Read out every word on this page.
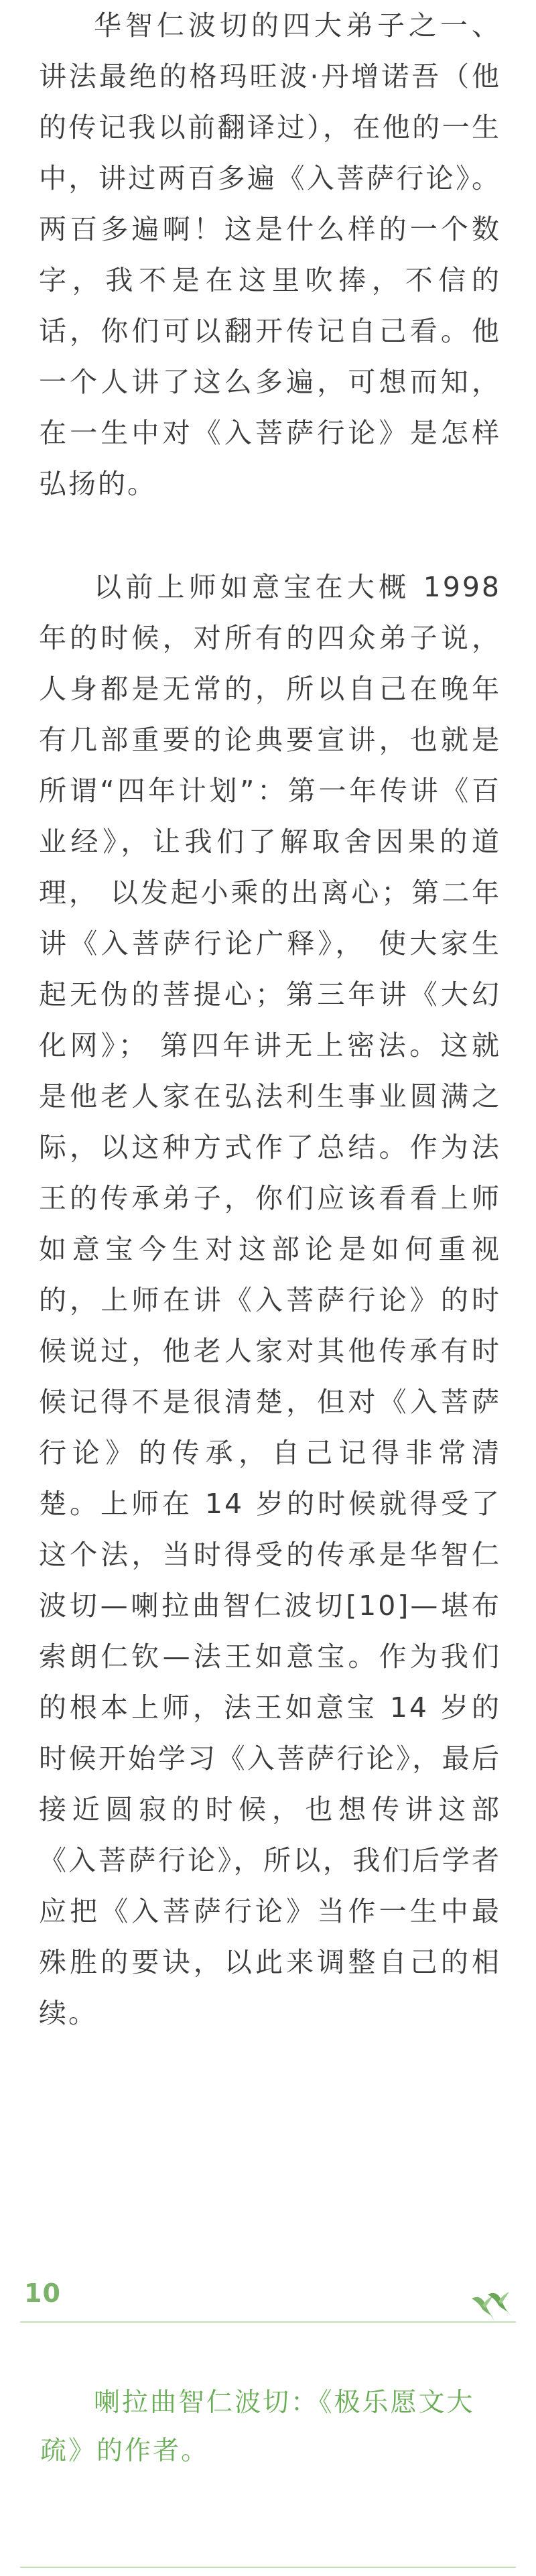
华智仁波切的四大弟子之一、讲法最绝的格玛旺波·丹增诺吾（他的传记我以前翻译过），在他的一生中，讲过两百多遍《入菩萨行论》。两百多遍啊！这是什么样的一个数字，我不是在这里吹捧，不信的话，你们可以翻开传记自己看。他一个人讲了这么多遍，可想而知，在一生中对《入菩萨行论》是怎样弘扬的。

以前上师如意宝在大概 1998 年的时候，对所有的四众弟子说，人身都是无常的，所以自己在晚年有几部重要的论典要宣讲，也就是所谓“四年计划”：第一年传讲《百业经》，让我们了解取舍因果的道理， 以发起小乘的出离心；第二年讲《入菩萨行论广释》， 使大家生起无伪的菩提心；第三年讲《大幻化网》； 第四年讲无上密法。这就是他老人家在弘法利生事业圆满之际，以这种方式作了总结。作为法王的传承弟子，你们应该看看上师如意宝今生对这部论是如何重视的，上师在讲《入菩萨行论》的时候说过，他老人家对其他传承有时候记得不是很清楚，但对《入菩萨行论》的传承，自己记得非常清楚。上师在 14 岁的时候就得受了这个法，当时得受的传承是华智仁波切—喇拉曲智仁波切[10]—堪布索朗仁钦—法王如意宝。作为我们的根本上师，法王如意宝 14 岁的时候开始学习《入菩萨行论》，最后接近圆寂的时候，也想传讲这部《入菩萨行论》，所以，我们后学者应把《入菩萨行论》当作一生中最殊胜的要诀，以此来调整自己的相续。

10

喇拉曲智仁波切：《极乐愿文大疏》的作者。
